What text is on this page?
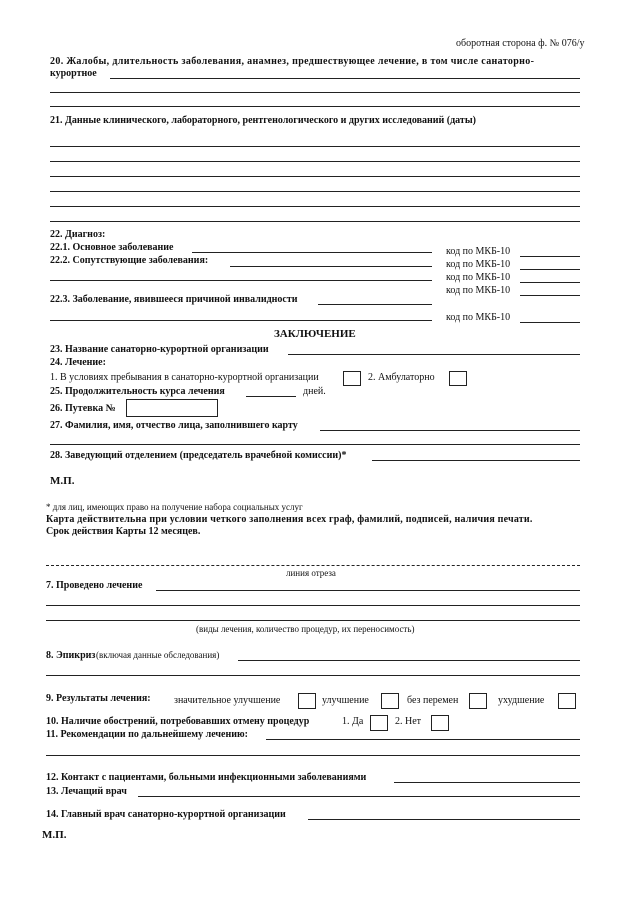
оборотная сторона ф. № 076/у
20. Жалобы, длительность заболевания, анамнез, предшествующее лечение, в том числе санаторно-
курортное
21. Данные клинического, лабораторного, рентгенологического и других исследований (даты)
22. Диагноз:
22.1. Основное заболевание	код по МКБ-10
22.2. Сопутствующие заболевания:	код по МКБ-10
код по МКБ-10
код по МКБ-10
22.3. Заболевание, явившееся причиной инвалидности
код по МКБ-10
ЗАКЛЮЧЕНИЕ
23. Название санаторно-курортной организации
24. Лечение:
1. В условиях пребывания в санаторно-курортной организации	2. Амбулаторно
25. Продолжительность курса лечения	дней.
26. Путевка №
27. Фамилия, имя, отчество лица, заполнившего карту
28. Заведующий отделением (председатель врачебной комиссии)*
М.П.
* для лиц, имеющих право на получение набора социальных услуг
Карта действительна при условии четкого заполнения всех граф, фамилий, подписей, наличия печати.
Срок действия Карты 12 месяцев.
линия отреза
7. Проведено лечение
(виды лечения, количество процедур, их переносимость)
8. Эпикриз (включая данные обследования)
9. Результаты лечения: значительное улучшение	улучшение	без перемен	ухудшение
10. Наличие обострений, потребовавших отмену процедур	1. Да	2. Нет
11. Рекомендации по дальнейшему лечению:
12. Контакт с пациентами, больными инфекционными заболеваниями
13. Лечащий врач
14. Главный врач санаторно-курортной организации
М.П.
